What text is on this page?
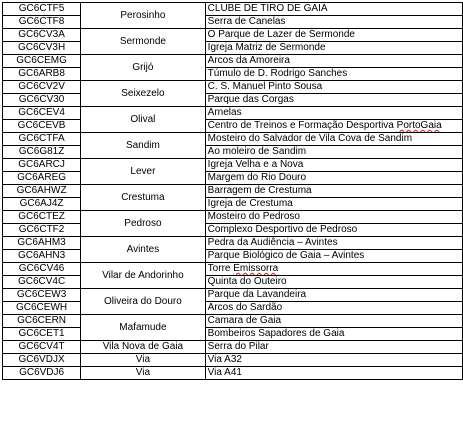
GC6CTF5	Perosinho	CLUBE DE TIRO DE GAIA
GC6CTF8		Serra de Canelas
GC6CV3A	Sermonde	O Parque de Lazer de Sermonde
GC6CV3H		Igreja Matriz de Sermonde
GC6CEMG	Grijó	Arcos da Amoreira
GC6ARB8		Túmulo de D. Rodrigo Sanches
GC6CV2V	Seixezelo	C. S. Manuel Pinto Sousa
GC6CV30		Parque das Corgas
GC6CEV4	Olival	Arnelas
GC6CEVB		Centro de Treinos e Formação Desportiva PortoGaia
GC6CTFA	Sandim	Mosteiro do Salvador de Vila Cova de Sandim
GC6G81Z		Ao moleiro de Sandim
GC6ARCJ	Lever	Igreja Velha e a Nova
GC6AREG		Margem do Rio Douro
GC6AHWZ	Crestuma	Barragem de Crestuma
GC6AJ4Z		Igreja de Crestuma
GC6CTEZ	Pedroso	Mosteiro do Pedroso
GC6CTF2		Complexo Desportivo de Pedroso
GC6AHM3	Avintes	Pedra da Audiência – Avintes
GC6AHN3		Parque Biológico de Gaia – Avintes
GC6CV46	Vilar de Andorinho	Torre Emissorra
GC6CV4C		Quinta do Outeiro
GC6CEW3	Oliveira do Douro	Parque da Lavandeira
GC6CEWH		Arcos do Sardão
GC6CERN	Mafamude	Camara de Gaia
GC6CET1		Bombeiros Sapadores de Gaia
GC6CV4T	Vila Nova de Gaia	Serra do Pilar
GC6VDJX	Via	Via A32
GC6VDJ6	Via	Via A41
